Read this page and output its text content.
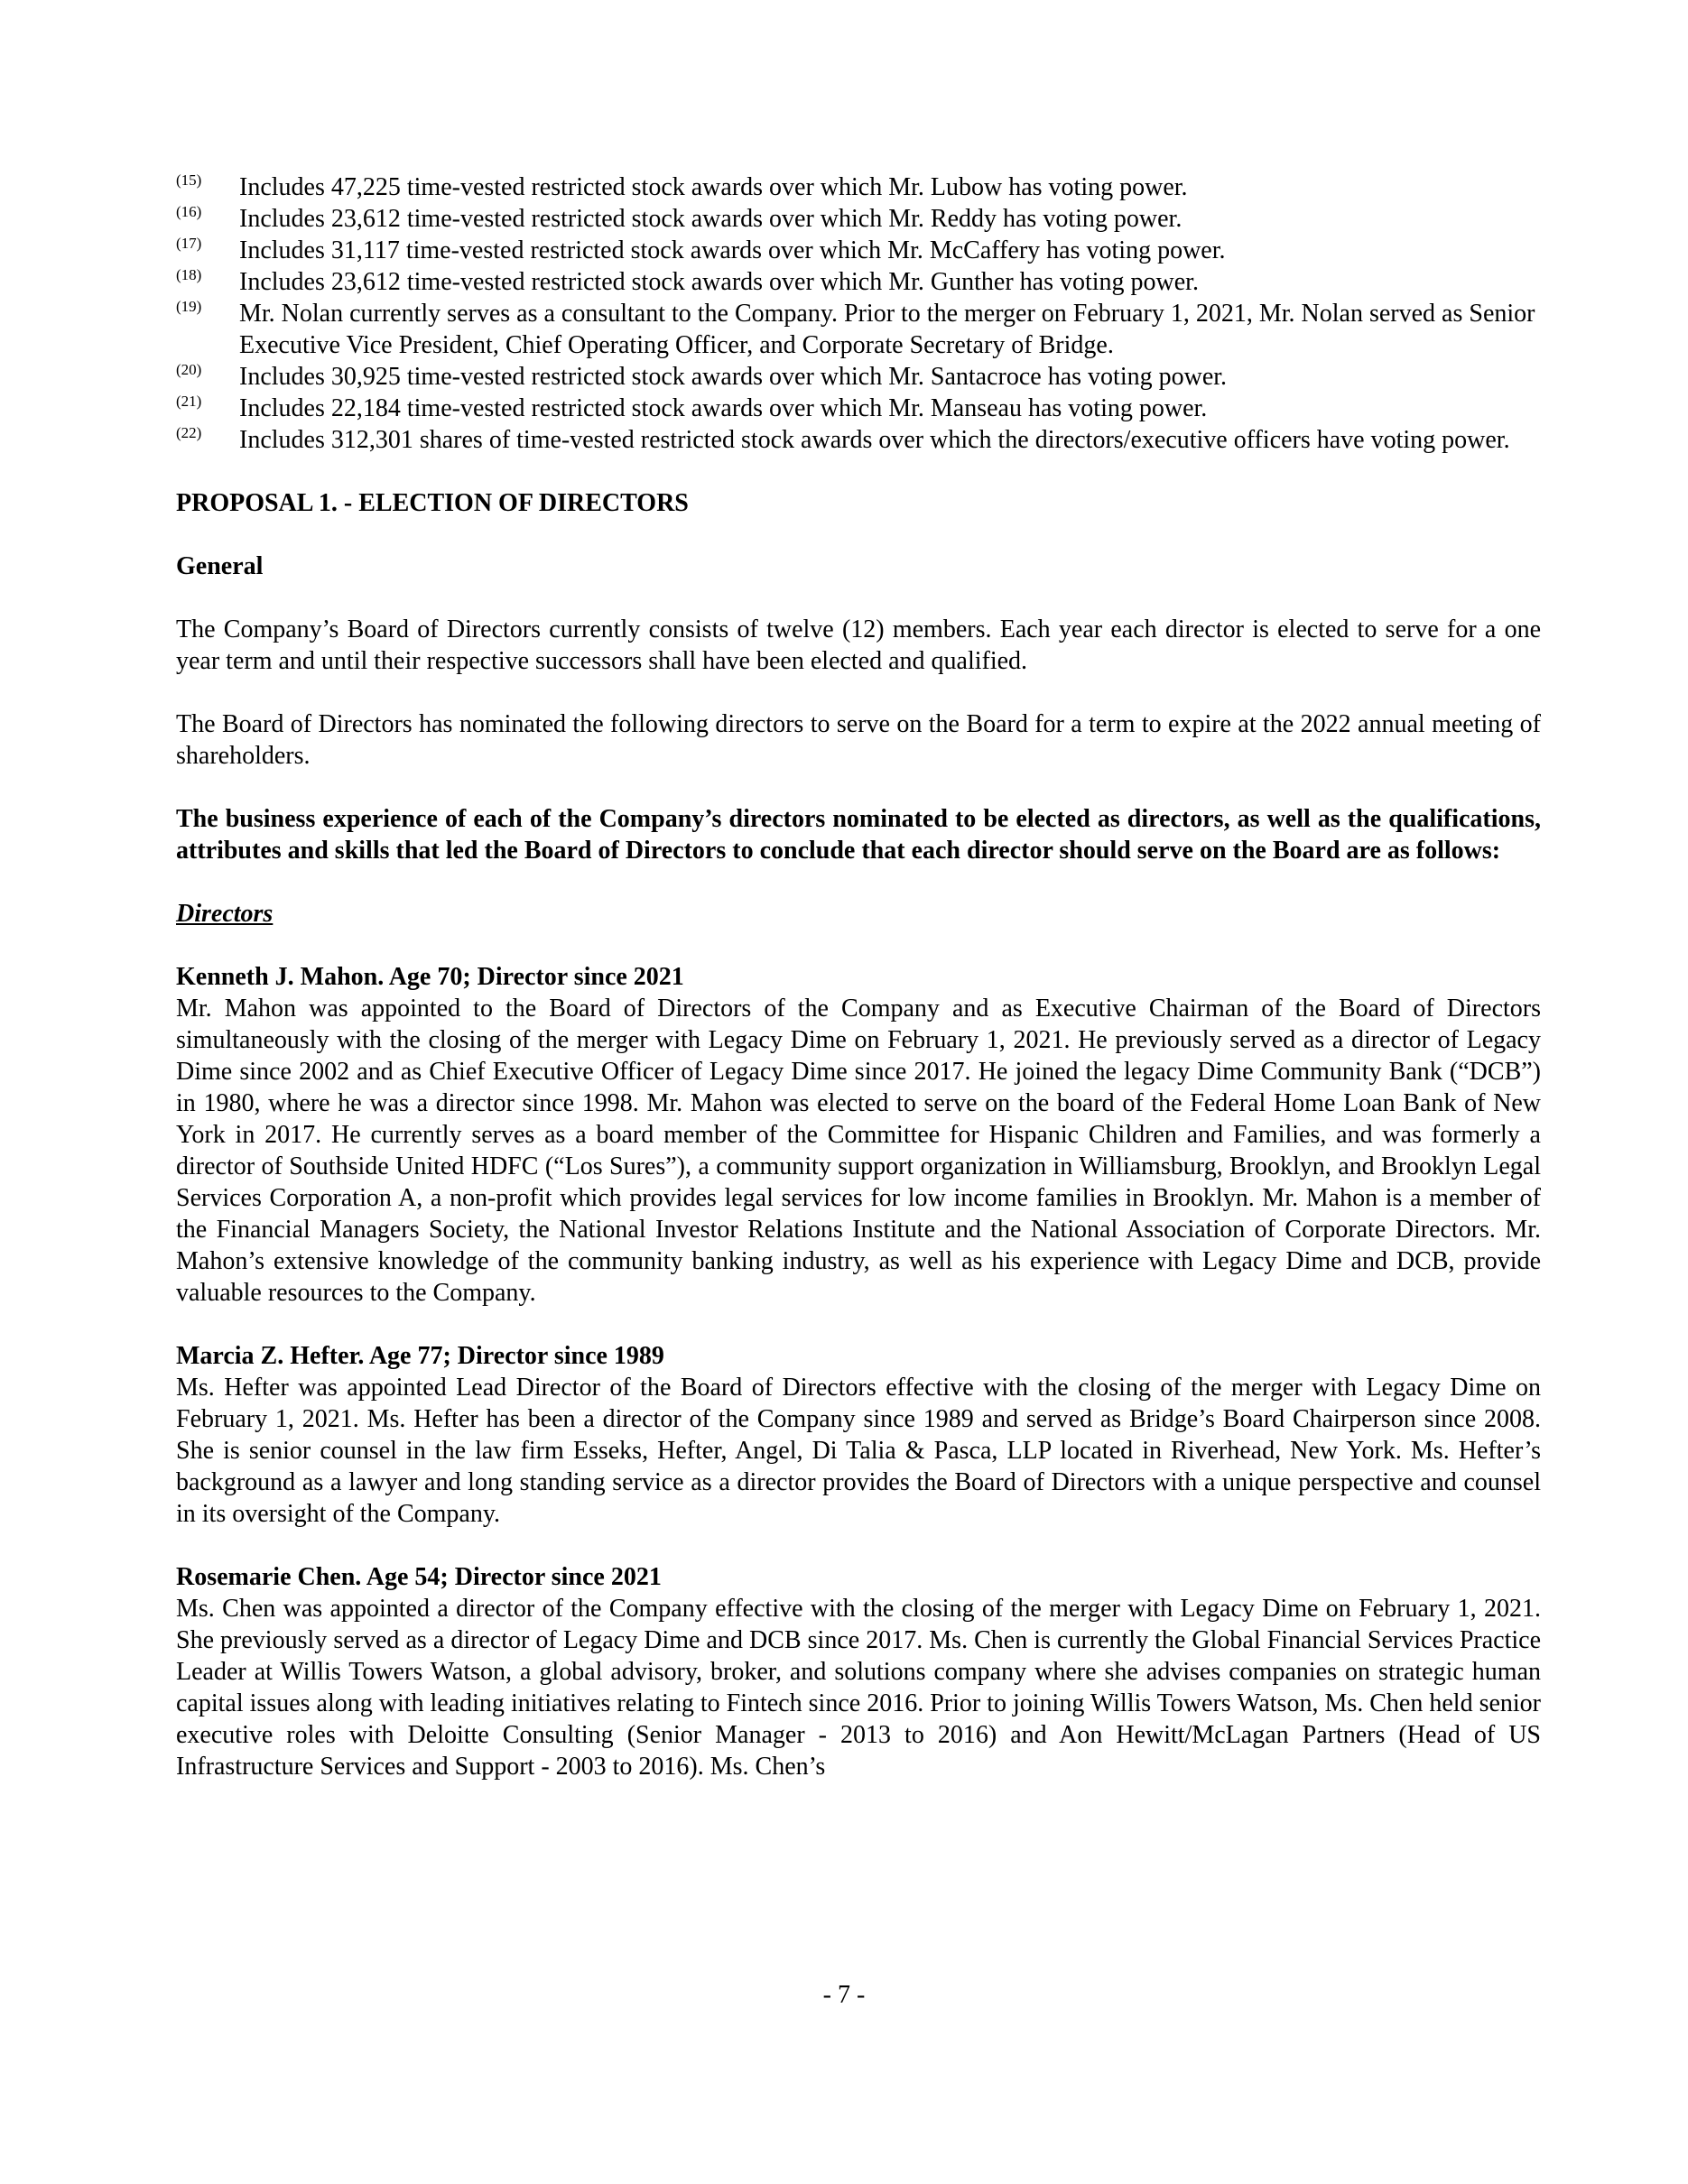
(15) Includes 47,225 time-vested restricted stock awards over which Mr. Lubow has voting power.
(16) Includes 23,612 time-vested restricted stock awards over which Mr. Reddy has voting power.
(17) Includes 31,117 time-vested restricted stock awards over which Mr. McCaffery has voting power.
(18) Includes 23,612 time-vested restricted stock awards over which Mr. Gunther has voting power.
(19) Mr. Nolan currently serves as a consultant to the Company. Prior to the merger on February 1, 2021, Mr. Nolan served as Senior Executive Vice President, Chief Operating Officer, and Corporate Secretary of Bridge.
(20) Includes 30,925 time-vested restricted stock awards over which Mr. Santacroce has voting power.
(21) Includes 22,184 time-vested restricted stock awards over which Mr. Manseau has voting power.
(22) Includes 312,301 shares of time-vested restricted stock awards over which the directors/executive officers have voting power.
PROPOSAL 1. - ELECTION OF DIRECTORS
General

The Company’s Board of Directors currently consists of twelve (12) members. Each year each director is elected to serve for a one year term and until their respective successors shall have been elected and qualified.

The Board of Directors has nominated the following directors to serve on the Board for a term to expire at the 2022 annual meeting of shareholders.

The business experience of each of the Company’s directors nominated to be elected as directors, as well as the qualifications, attributes and skills that led the Board of Directors to conclude that each director should serve on the Board are as follows:

Directors

Kenneth J. Mahon. Age 70; Director since 2021
Mr. Mahon was appointed to the Board of Directors of the Company and as Executive Chairman of the Board of Directors simultaneously with the closing of the merger with Legacy Dime on February 1, 2021. He previously served as a director of Legacy Dime since 2002 and as Chief Executive Officer of Legacy Dime since 2017. He joined the legacy Dime Community Bank (“DCB”) in 1980, where he was a director since 1998. Mr. Mahon was elected to serve on the board of the Federal Home Loan Bank of New York in 2017. He currently serves as a board member of the Committee for Hispanic Children and Families, and was formerly a director of Southside United HDFC (“Los Sures”), a community support organization in Williamsburg, Brooklyn, and Brooklyn Legal Services Corporation A, a non-profit which provides legal services for low income families in Brooklyn. Mr. Mahon is a member of the Financial Managers Society, the National Investor Relations Institute and the National Association of Corporate Directors. Mr. Mahon’s extensive knowledge of the community banking industry, as well as his experience with Legacy Dime and DCB, provide valuable resources to the Company.
Marcia Z. Hefter. Age 77; Director since 1989
Ms. Hefter was appointed Lead Director of the Board of Directors effective with the closing of the merger with Legacy Dime on February 1, 2021. Ms. Hefter has been a director of the Company since 1989 and served as Bridge’s Board Chairperson since 2008. She is senior counsel in the law firm Esseks, Hefter, Angel, Di Talia & Pasca, LLP located in Riverhead, New York. Ms. Hefter’s background as a lawyer and long standing service as a director provides the Board of Directors with a unique perspective and counsel in its oversight of the Company.
Rosemarie Chen. Age 54; Director since 2021
Ms. Chen was appointed a director of the Company effective with the closing of the merger with Legacy Dime on February 1, 2021. She previously served as a director of Legacy Dime and DCB since 2017. Ms. Chen is currently the Global Financial Services Practice Leader at Willis Towers Watson, a global advisory, broker, and solutions company where she advises companies on strategic human capital issues along with leading initiatives relating to Fintech since 2016. Prior to joining Willis Towers Watson, Ms. Chen held senior executive roles with Deloitte Consulting (Senior Manager - 2013 to 2016) and Aon Hewitt/McLagan Partners (Head of US Infrastructure Services and Support - 2003 to 2016). Ms. Chen’s
- 7 -
